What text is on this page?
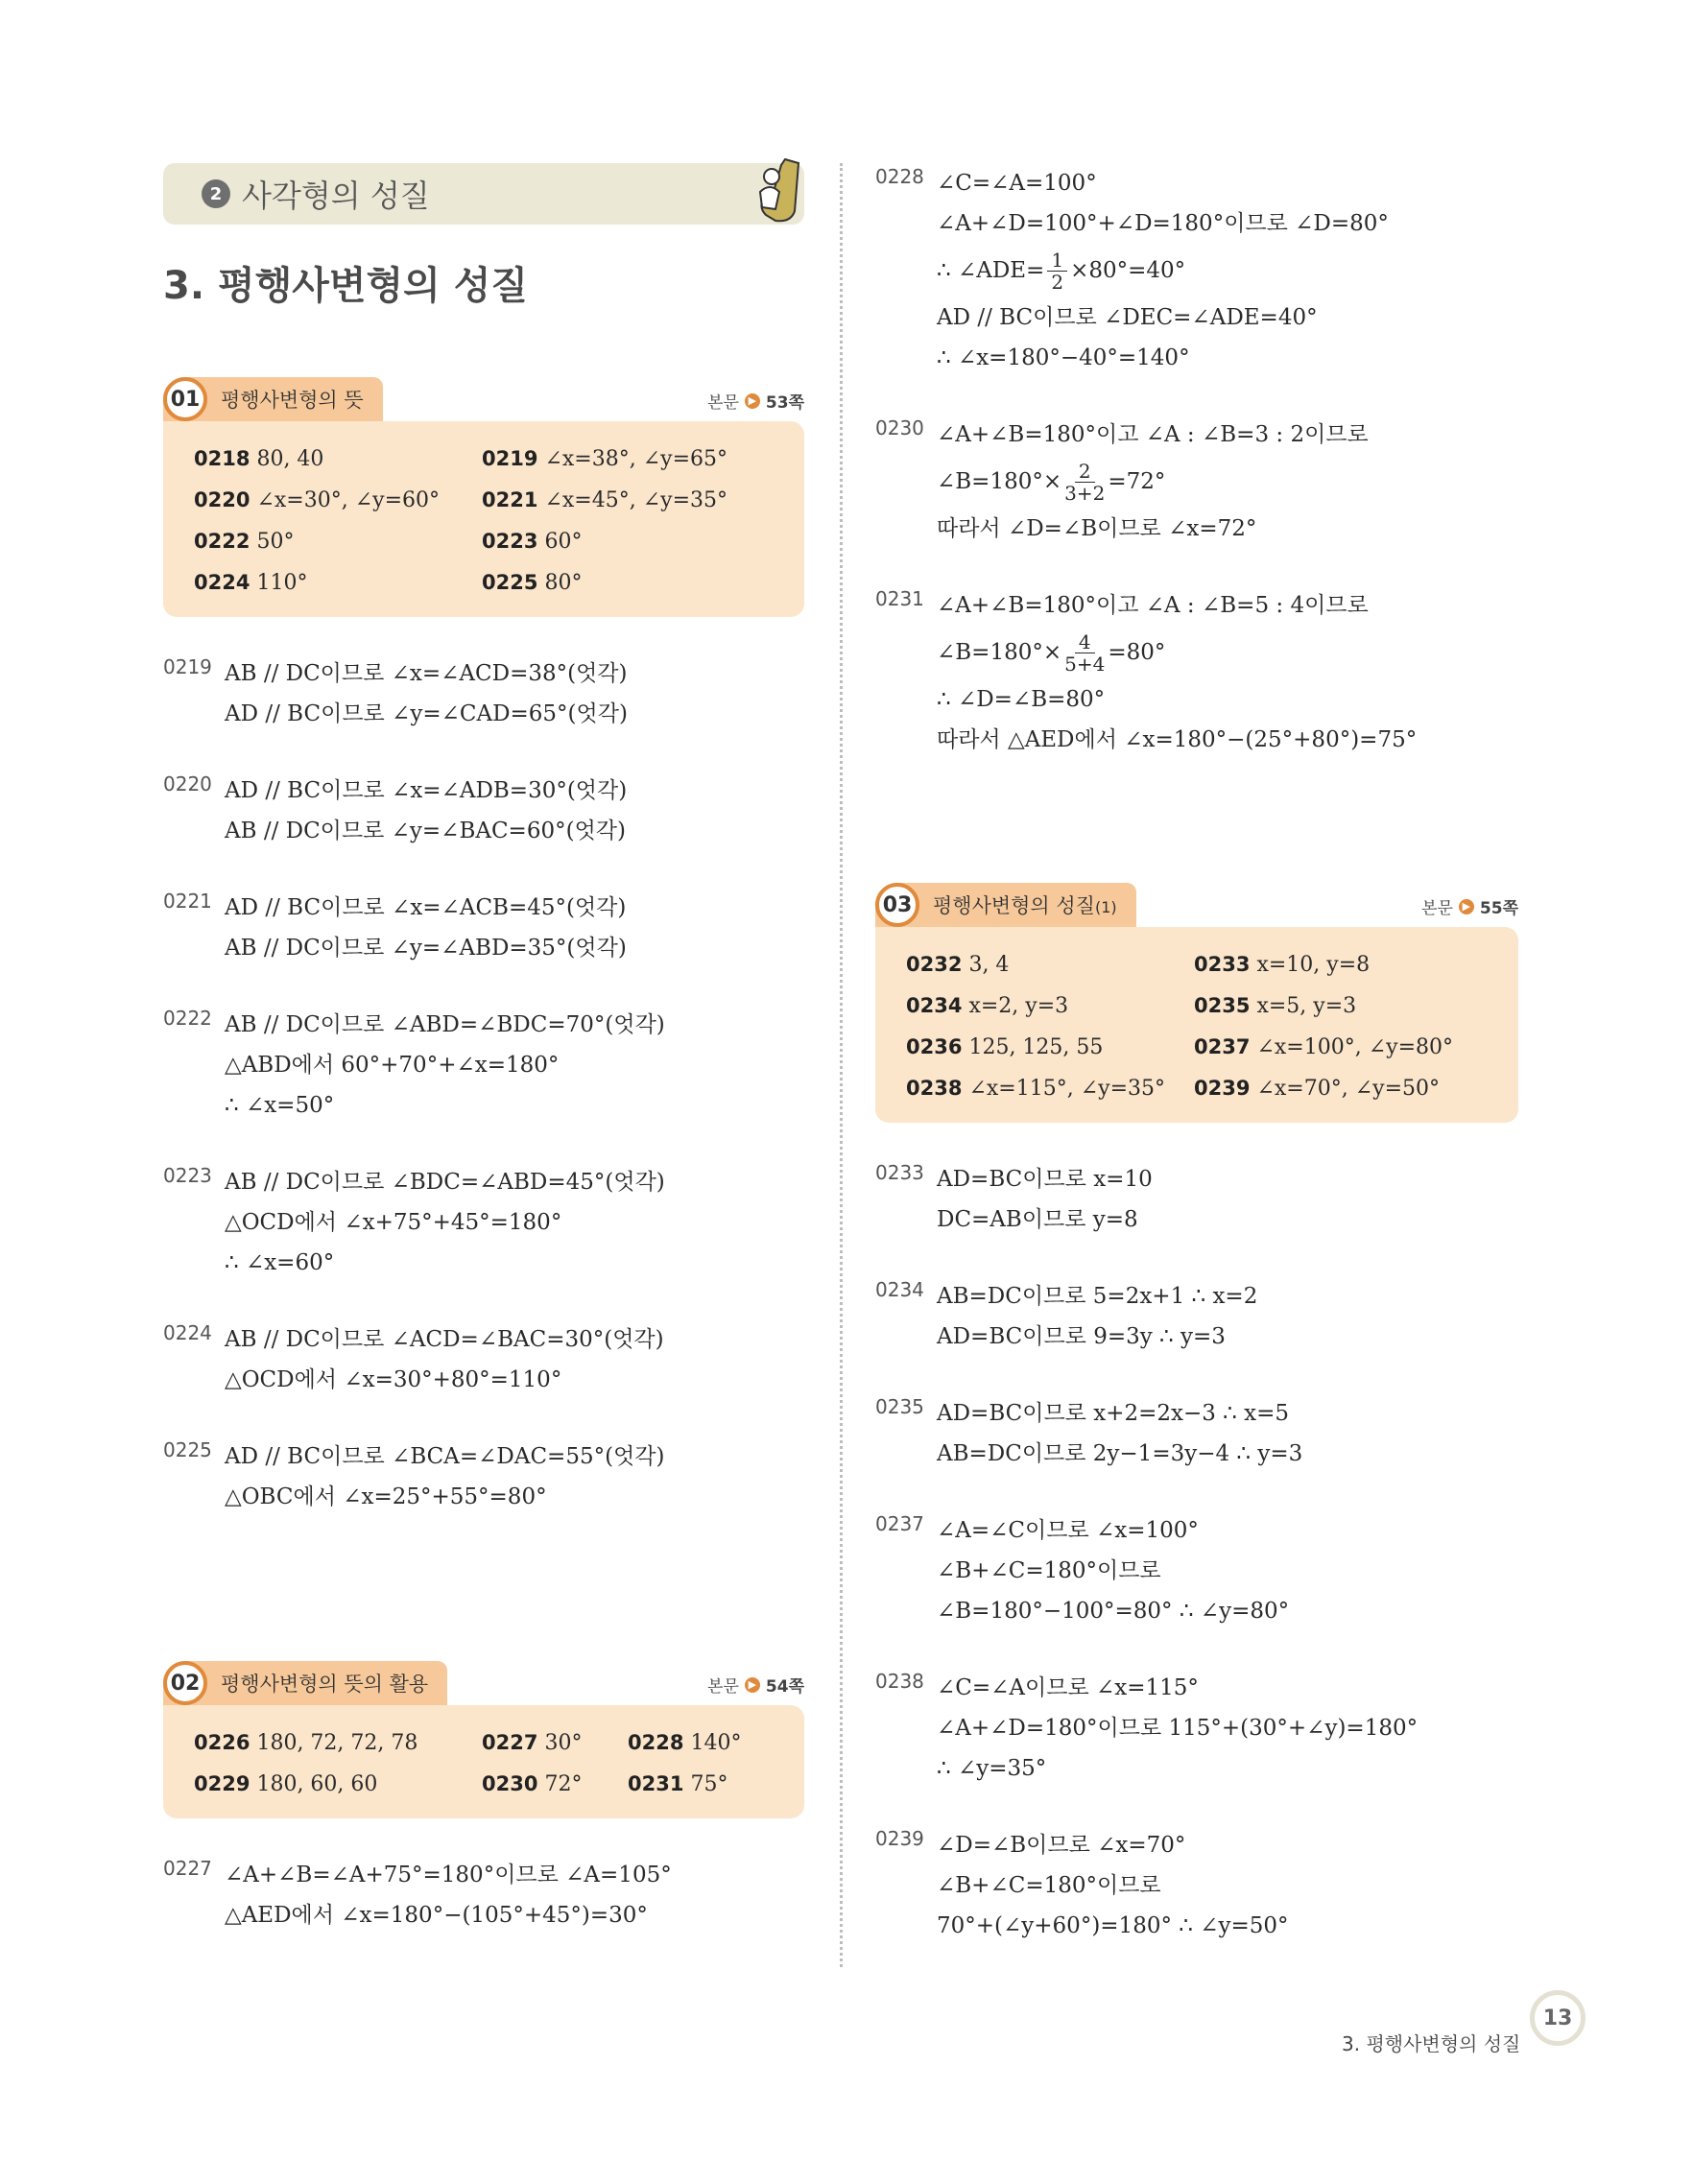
2 사각형의 성질
3. 평행사변형의 성질
01	평행사변형의 뜻	본문 ▶ 53쪽
0218 80, 40	0219 ∠x=38°, ∠y=65°
0220 ∠x=30°, ∠y=60°	0221 ∠x=45°, ∠y=35°
0222 50°	0223 60°
0224 110°	0225 80°
0219 AB // DC이므로 ∠x=∠ACD=38°(엇각)
AD // BC이므로 ∠y=∠CAD=65°(엇각)
0220 AD // BC이므로 ∠x=∠ADB=30°(엇각)
AB // DC이므로 ∠y=∠BAC=60°(엇각)
0221 AD // BC이므로 ∠x=∠ACB=45°(엇각)
AB // DC이므로 ∠y=∠ABD=35°(엇각)
0222 AB // DC이므로 ∠ABD=∠BDC=70°(엇각)
△ABD에서 60°+70°+∠x=180°
∴ ∠x=50°
0223 AB // DC이므로 ∠BDC=∠ABD=45°(엇각)
△OCD에서 ∠x+75°+45°=180°
∴ ∠x=60°
0224 AB // DC이므로 ∠ACD=∠BAC=30°(엇각)
△OCD에서 ∠x=30°+80°=110°
0225 AD // BC이므로 ∠BCA=∠DAC=55°(엇각)
△OBC에서 ∠x=25°+55°=80°
02	평행사변형의 뜻의 활용	본문 ▶ 54쪽
0226 180, 72, 72, 78	0227 30°	0228 140°
0229 180, 60, 60	0230 72°	0231 75°
0227 ∠A+∠B=∠A+75°=180°이므로 ∠A=105°
△AED에서 ∠x=180°−(105°+45°)=30°
0228 ∠C=∠A=100°
∠A+∠D=100°+∠D=180°이므로 ∠D=80°
∴ ∠ADE= $\frac{1}{2} \times 80^\circ=40^\circ$
AD // BC이므로 ∠DEC=∠ADE=40°
∴ ∠x=180°−40°=140°
0230 ∠A+∠B=180°이고 ∠A : ∠B=3 : 2이므로
∠B=180°× $\frac{2}{3+2} =72^\circ$
따라서 ∠D=∠B이므로 ∠x=72°
0231 ∠A+∠B=180°이고 ∠A : ∠B=5 : 4이므로
∠B=180°× $\frac{4}{5+4} =80^\circ$
∴ ∠D=∠B=80°
따라서 △AED에서 ∠x=180°−(25°+80°)=75°
03	평행사변형의 성질(1)	본문 ▶ 55쪽
0232 3, 4	0233 x=10, y=8
0234 x=2, y=3	0235 x=5, y=3
0236 125, 125, 55	0237 ∠x=100°, ∠y=80°
0238 ∠x=115°, ∠y=35°	0239 ∠x=70°, ∠y=50°
0233 AD=BC이므로 x=10
DC=AB이므로 y=8
0234 AB=DC이므로 5=2x+1 ∴ x=2
AD=BC이므로 9=3y ∴ y=3
0235 AD=BC이므로 x+2=2x−3 ∴ x=5
AB=DC이므로 2y−1=3y−4 ∴ y=3
0237 ∠A=∠C이므로 ∠x=100°
∠B+∠C=180°이므로
∠B=180°−100°=80° ∴ ∠y=80°
0238 ∠C=∠A이므로 ∠x=115°
∠A+∠D=180°이므로 115°+(30°+∠y)=180°
∴ ∠y=35°
0239 ∠D=∠B이므로 ∠x=70°
∠B+∠C=180°이므로
70°+(∠y+60°)=180° ∴ ∠y=50°
3. 평행사변형의 성질
13
